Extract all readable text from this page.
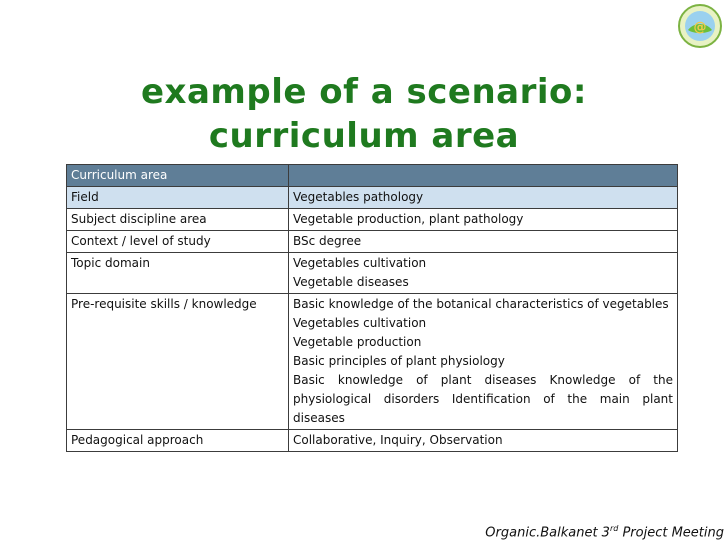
@
example of a scenario:
curriculum area
Curriculum area	
Field	Vegetables pathology

Subject discipline area	Vegetable production, plant pathology

Context / level of study	BSc degree

Topic domain	Vegetables cultivation
Vegetable diseases

Pre-requisite skills / knowledge	Basic knowledge of the botanical characteristics of vegetables
Vegetables cultivation
Vegetable production
Basic principles of plant physiology
Basic knowledge of plant diseases Knowledge of the physiological disorders Identification of the main plant diseases

Pedagogical approach	Collaborative, Inquiry, Observation
Organic.Balkanet 3rd Project Meeting
